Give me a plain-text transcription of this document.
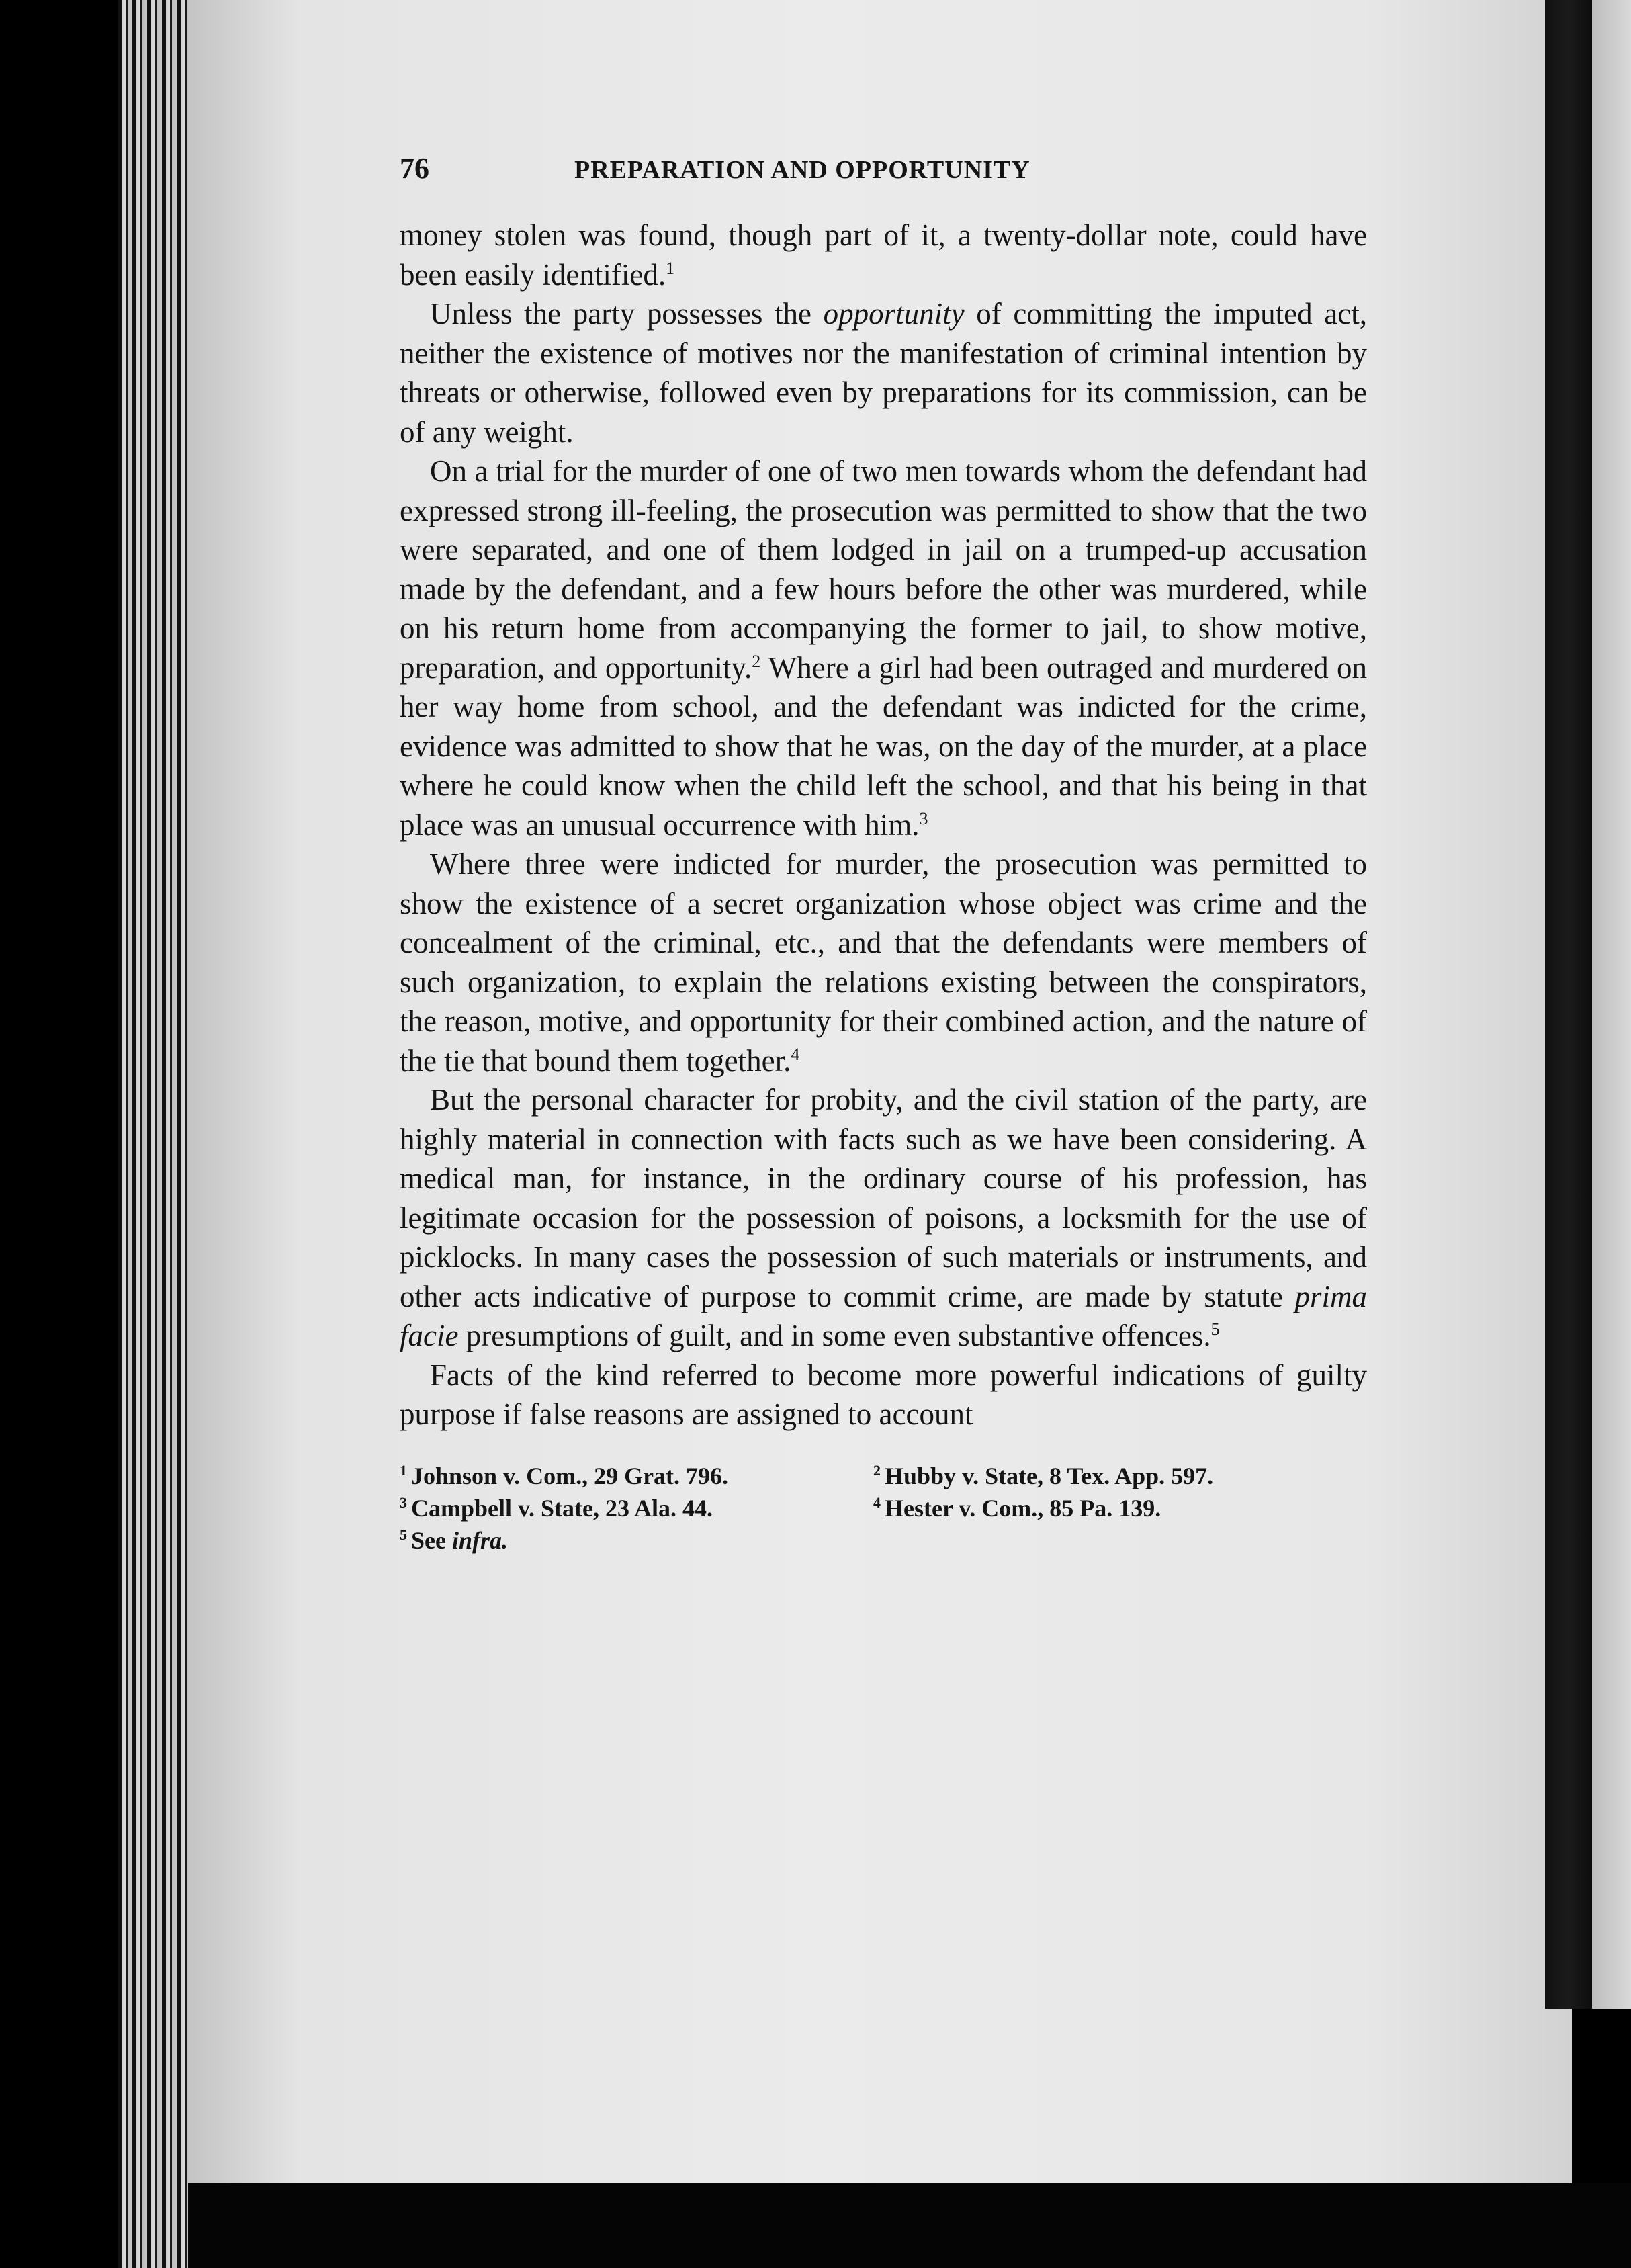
76	PREPARATION AND OPPORTUNITY

money stolen was found, though part of it, a twenty-dollar note, could have been easily identified.$^1$

Unless the party possesses the opportunity of committing the imputed act, neither the existence of motives nor the manifestation of criminal intention by threats or otherwise, followed even by preparations for its commission, can be of any weight.

On a trial for the murder of one of two men towards whom the defendant had expressed strong ill-feeling, the prosecution was permitted to show that the two were separated, and one of them lodged in jail on a trumped-up accusation made by the defendant, and a few hours before the other was murdered, while on his return home from accompanying the former to jail, to show motive, preparation, and opportunity.$^2$ Where a girl had been outraged and murdered on her way home from school, and the defendant was indicted for the crime, evidence was admitted to show that he was, on the day of the murder, at a place where he could know when the child left the school, and that his being in that place was an unusual occurrence with him.$^3$

Where three were indicted for murder, the prosecution was permitted to show the existence of a secret organization whose object was crime and the concealment of the criminal, etc., and that the defendants were members of such organization, to explain the relations existing between the conspirators, the reason, motive, and opportunity for their combined action, and the nature of the tie that bound them together.$^4$

But the personal character for probity, and the civil station of the party, are highly material in connection with facts such as we have been considering. A medical man, for instance, in the ordinary course of his profession, has legitimate occasion for the possession of poisons, a locksmith for the use of picklocks. In many cases the possession of such materials or instruments, and other acts indicative of purpose to commit crime, are made by statute prima facie presumptions of guilt, and in some even substantive offences.$^5$

Facts of the kind referred to become more powerful indications of guilty purpose if false reasons are assigned to account

$^1$ Johnson v. Com., 29 Grat. 796.	$^2$ Hubby v. State, 8 Tex. App. 597.
$^3$ Campbell v. State, 23 Ala. 44.	$^4$ Hester v. Com., 85 Pa. 139.
$^5$ See infra.
